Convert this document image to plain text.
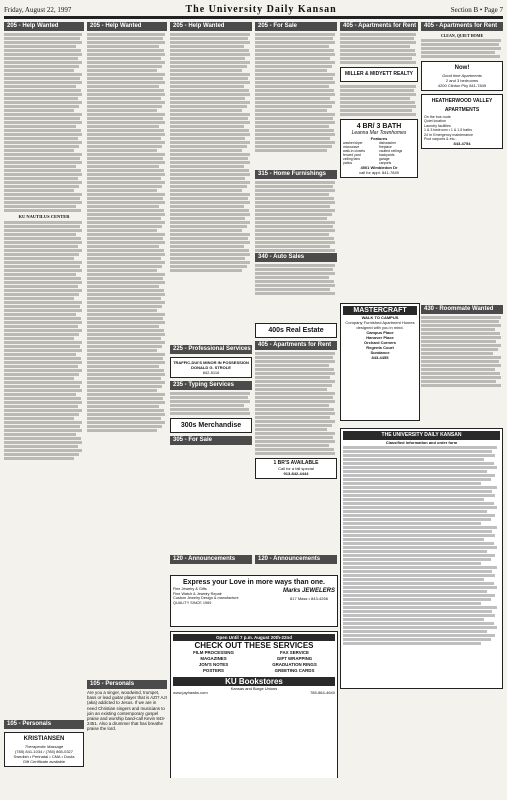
Friday, August 22, 1997	The University Daily Kansan	Section B • Page 7
205 - Help Wanted
KU NAUTILUS CENTER
205 - Help Wanted	205 - Help Wanted	205 - For Sale
315 - Home Furnishings
340 - Auto Sales
405 - Apartments for Rent
MILLER & MIDYETT REALTY
4 BR/ 3 BATH
Leanna Mar Townhomes
Features
washer/dryer	dishwasher
microwave	fireplace
walk-in closets	vaulted ceilings
fenced yard	backyards
ceiling fans	garage
patios	carports
4501 Wimbledon Dr
call for appt. 841-7849
405 - Apartments for Rent
CLEAN, QUIET HOME
Now!
Good time Apartments
2 and 3 bedrooms
4200 Clinton Pky 841-7849
HEATHERWOOD VALLEY APARTMENTS
On the bus route
Quiet location
Laundry facilities
1 & 3 bedroom • 1 & 1.5 baths
24 hr Emergency maintenance
Pool carports & etc...
843-4754
MASTERCRAFT
WALK TO CAMPUS
Company Furnished Apartment Homes designed with you in mind.
Campus Place
Hanover Place
Orchard Corners
Regents Court
Sundance
843-4455
430 - Roommate Wanted
225 - Professional Services
TRAFFIC-DUI'S MINOR IN POSSESSION
DONALD G. STROLE
842-5116
235 - Typing Services
300s Merchandise
305 - For Sale
400s Real Estate
405 - Apartments for Rent
1 BR'S AVAILABLE
Call for a fall special
913-842-4444
THE UNIVERSITY DAILY KANSAN
Classified information and order form
120 - Announcements	120 - Announcements
Express your Love in more ways than one.
Fine Jewelry & Gifts
Fine Watch & Jewelry Repair
Custom Jewelry Design & manufacture
QUALITY SINCE 1969
Marks JEWELERS
817 Mass • 843-4266
Are you a singer, woodwind, trumpet, bass or lead guitar player that is AZI? AJI (aka) addicted to Jesus. If we are in need Christian singers and musicians to join an existing contemporary gospel praise and worship band-call Kevin 843-2451. Also a drummer that has breathe praise the lord.
Open Until 7 p.m. August 20th-22nd
CHECK OUT THESE SERVICES
FILM PROCESSING	FAX SERVICE
MAGAZINES	GIFT WRAPPING
JON'S NOTES	GRADUATION RINGS
POSTERS	GREETING CARDS
KU Bookstores
Kansas and Burge Unions
www.jayhawks.com	785-864-4640
105 - Personals
KRISTIANSEN
Therapeutic Massage
(785) 841-1034 / (785) 865-0327
Swedish • Perinatal • CMA • Doula
Gift Certificate available
105 - Personals
